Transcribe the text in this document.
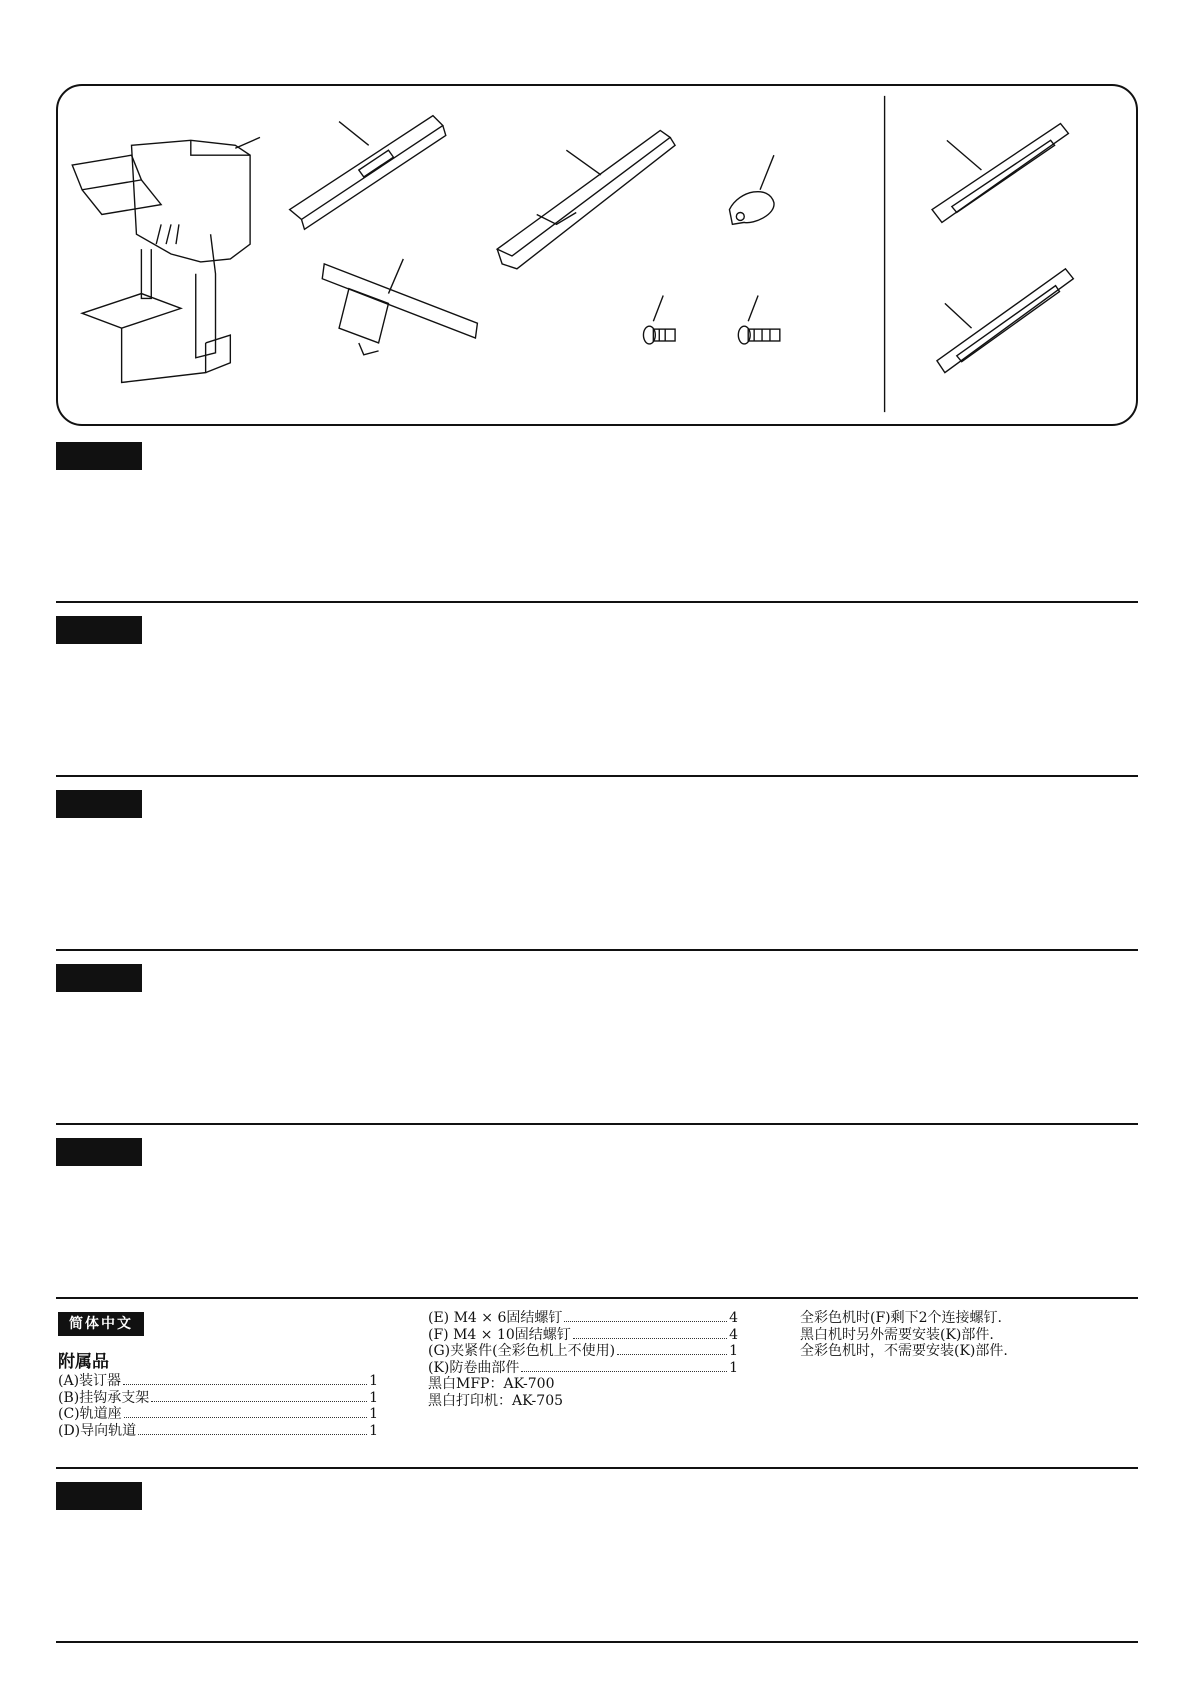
简体中文
附属品
(A)装订器	1
(B)挂钩承支架	1
(C)轨道座	1
(D)导向轨道	1
(E) M4 × 6固结螺钉	4
(F) M4 × 10固结螺钉	4
(G)夹紧件(全彩色机上不使用)	1
(K)防卷曲部件	1
黑白MFP：AK-700
黑白打印机：AK-705
全彩色机时(F)剩下2个连接螺钉.
黑白机时另外需要安装(K)部件.
全彩色机时，不需要安装(K)部件.
